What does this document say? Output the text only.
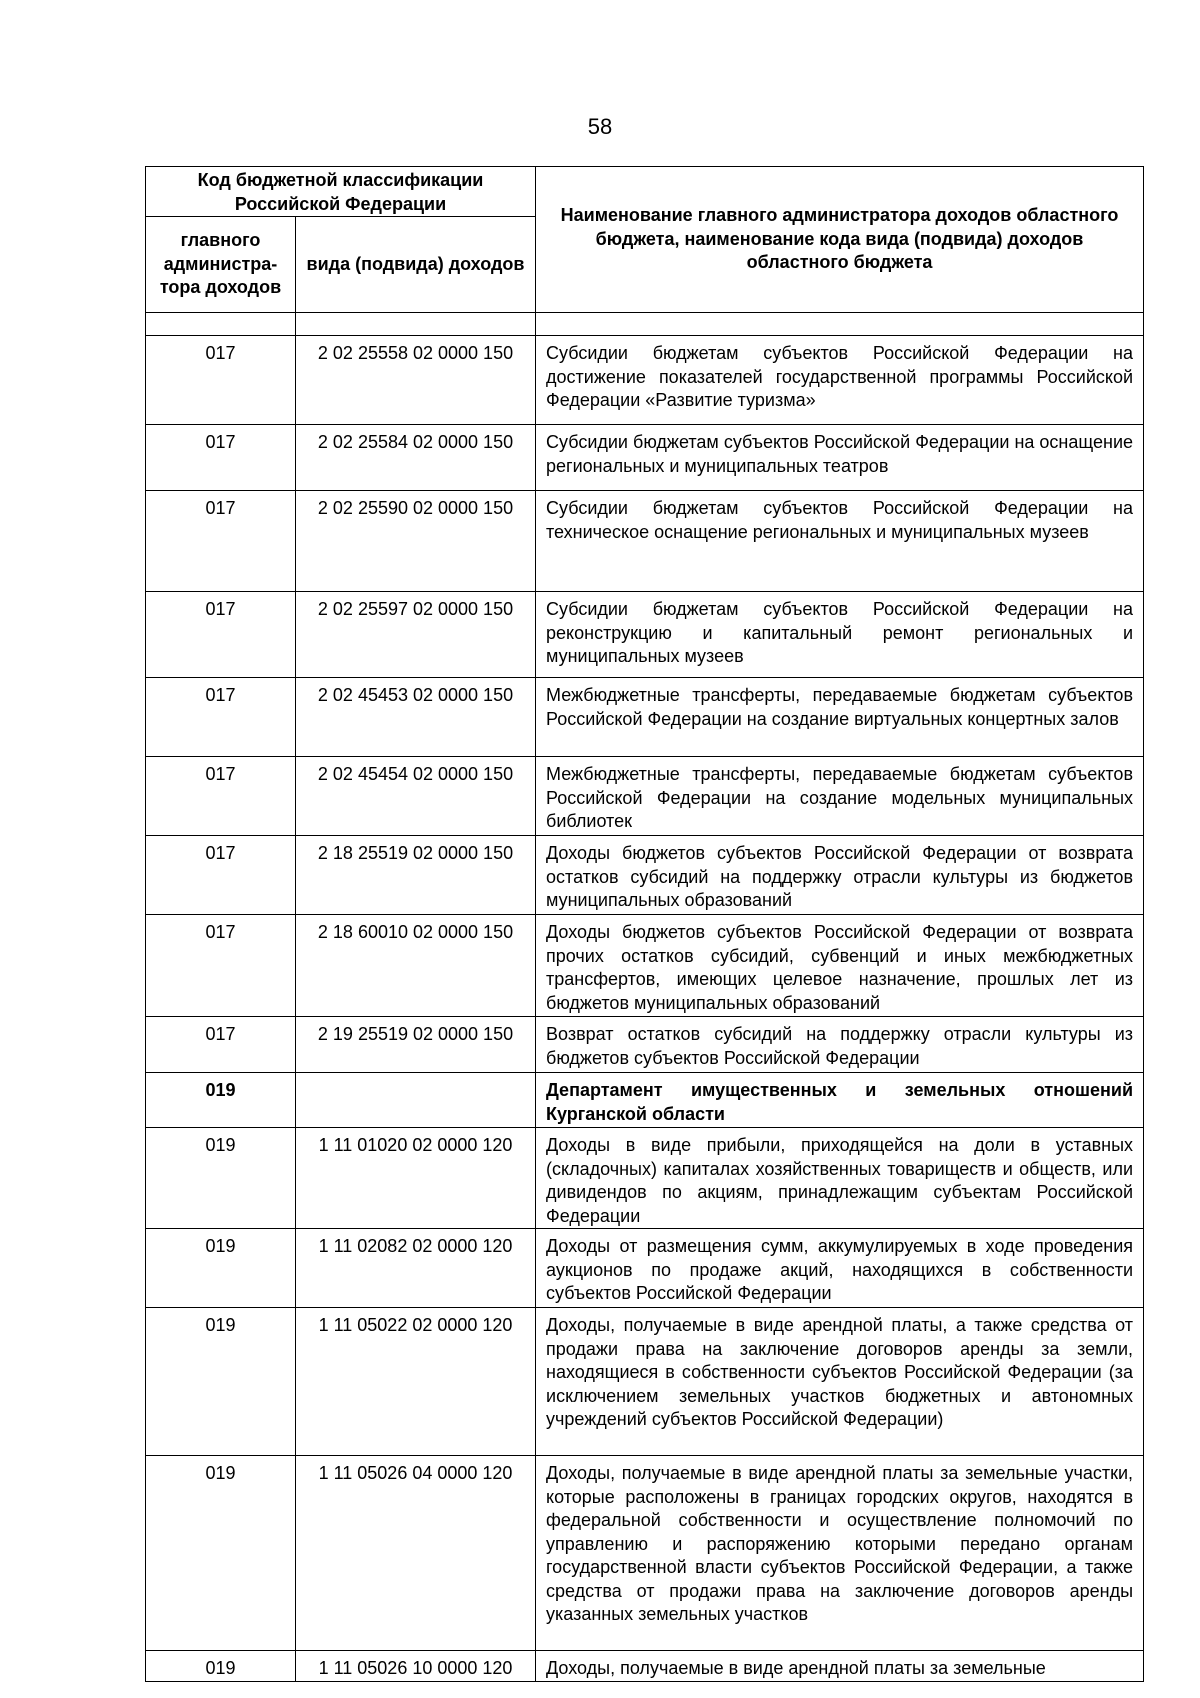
58
Код бюджетной классификации Российской Федерации		Наименование главного администратора доходов областного бюджета, наименование кода вида (подвида) доходов областного бюджета
главного администра-тора доходов	вида (подвида) доходов	

017	2 02 25558 02 0000 150	Субсидии бюджетам субъектов Российской Федерации на достижение показателей государственной программы Российской Федерации «Развитие туризма»
017	2 02 25584 02 0000 150	Субсидии бюджетам субъектов Российской Федерации на оснащение региональных и муниципальных театров
017	2 02 25590 02 0000 150	Субсидии бюджетам субъектов Российской Федерации на техническое оснащение региональных и муниципальных музеев
017	2 02 25597 02 0000 150	Субсидии бюджетам субъектов Российской Федерации на реконструкцию и капитальный ремонт региональных и муниципальных музеев
017	2 02 45453 02 0000 150	Межбюджетные трансферты, передаваемые бюджетам субъектов Российской Федерации на создание виртуальных концертных залов
017	2 02 45454 02 0000 150	Межбюджетные трансферты, передаваемые бюджетам субъектов Российской Федерации на создание модельных муниципальных библиотек
017	2 18 25519 02 0000 150	Доходы бюджетов субъектов Российской Федерации от возврата остатков субсидий на поддержку отрасли культуры из бюджетов муниципальных образований
017	2 18 60010 02 0000 150	Доходы бюджетов субъектов Российской Федерации от возврата прочих остатков субсидий, субвенций и иных межбюджетных трансфертов, имеющих целевое назначение, прошлых лет из бюджетов муниципальных образований
017	2 19 25519 02 0000 150	Возврат остатков субсидий на поддержку отрасли культуры из бюджетов субъектов Российской Федерации
019		Департамент имущественных и земельных отношений Курганской области
019	1 11 01020 02 0000 120	Доходы в виде прибыли, приходящейся на доли в уставных (складочных) капиталах хозяйственных товариществ и обществ, или дивидендов по акциям, принадлежащим субъектам Российской Федерации
019	1 11 02082 02 0000 120	Доходы от размещения сумм, аккумулируемых в ходе проведения аукционов по продаже акций, находящихся в собственности субъектов Российской Федерации
019	1 11 05022 02 0000 120	Доходы, получаемые в виде арендной платы, а также средства от продажи права на заключение договоров аренды за земли, находящиеся в собственности субъектов Российской Федерации (за исключением земельных участков бюджетных и автономных учреждений субъектов Российской Федерации)
019	1 11 05026 04 0000 120	Доходы, получаемые в виде арендной платы за земельные участки, которые расположены в границах городских округов, находятся в федеральной собственности и осуществление полномочий по управлению и распоряжению которыми передано органам государственной власти субъектов Российской Федерации, а также средства от продажи права на заключение договоров аренды указанных земельных участков
019	1 11 05026 10 0000 120	Доходы, получаемые в виде арендной платы за земельные
